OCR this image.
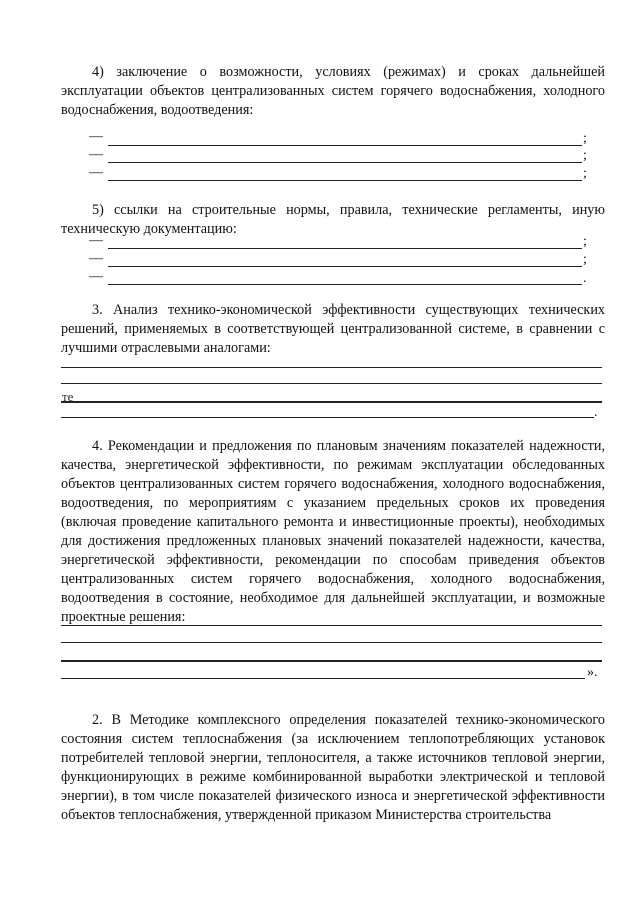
4) заключение о возможности, условиях (режимах) и сроках дальнейшей эксплуатации объектов централизованных систем горячего водоснабжения, холодного водоснабжения, водоотведения:
—	;
—	;
—	;
5) ссылки на строительные нормы, правила, технические регламенты, иную техническую документацию:
—	;
—	;
—	.
3. Анализ технико-экономической эффективности существующих технических решений, применяемых в соответствующей централизованной системе, в сравнении с лучшими отраслевыми аналогами:
те
.
4. Рекомендации и предложения по плановым значениям показателей надежности, качества, энергетической эффективности, по режимам эксплуатации обследованных объектов централизованных систем горячего водоснабжения, холодного водоснабжения, водоотведения, по мероприятиям с указанием предельных сроков их проведения (включая проведение капитального ремонта и инвестиционные проекты), необходимых для достижения предложенных плановых значений показателей надежности, качества, энергетической эффективности, рекомендации по способам приведения объектов централизованных систем горячего водоснабжения, холодного водоснабжения, водоотведения в состояние, необходимое для дальнейшей эксплуатации, и возможные проектные решения:
».
2. В Методике комплексного определения показателей технико-экономического состояния систем теплоснабжения (за исключением теплопотребляющих установок потребителей тепловой энергии, теплоносителя, а также источников тепловой энергии, функционирующих в режиме комбинированной выработки электрической и тепловой энергии), в том числе показателей физического износа и энергетической эффективности объектов теплоснабжения, утвержденной приказом Министерства строительства
